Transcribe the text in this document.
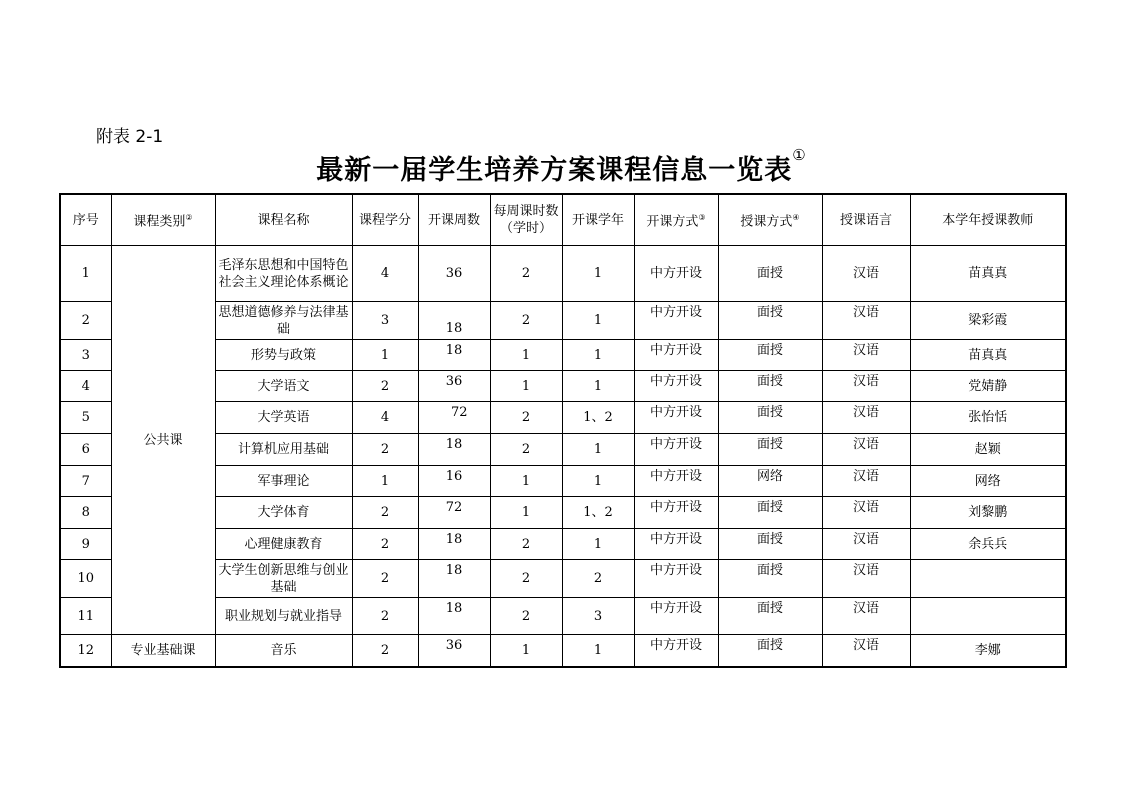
附表 2-1
最新一届学生培养方案课程信息一览表①
序号	课程类别②	课程名称	课程学分	开课周数	每周课时数（学时）	开课学年	开课方式③	授课方式④	授课语言	本学年授课教师
1	公共课	毛泽东思想和中国特色社会主义理论体系概论	4	36	2	1	中方开设	面授	汉语	苗真真
2		思想道德修养与法律基础	3	18	2	1	中方开设	面授	汉语	梁彩霞
3		形势与政策	1	18	1	1	中方开设	面授	汉语	苗真真
4		大学语文	2	36	1	1	中方开设	面授	汉语	党婧静
5		大学英语	4	72	2	1、2	中方开设	面授	汉语	张怡恬
6		计算机应用基础	2	18	2	1	中方开设	面授	汉语	赵颖
7		军事理论	1	16	1	1	中方开设	网络	汉语	网络
8		大学体育	2	72	1	1、2	中方开设	面授	汉语	刘黎鹏
9		心理健康教育	2	18	2	1	中方开设	面授	汉语	余兵兵
10		大学生创新思维与创业基础	2	18	2	2	中方开设	面授	汉语	
11		职业规划与就业指导	2	18	2	3	中方开设	面授	汉语	
12	专业基础课	音乐	2	36	1	1	中方开设	面授	汉语	李娜
